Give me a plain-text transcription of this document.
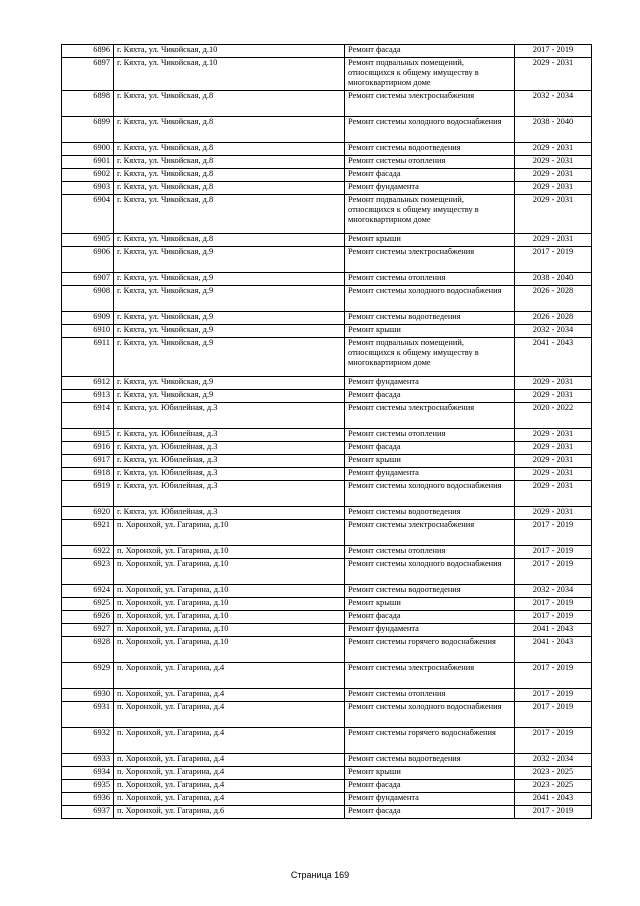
6896	г. Кяхта, ул. Чикойская, д.10	Ремонт фасада	2017 - 2019
6897	г. Кяхта, ул. Чикойская, д.10	Ремонт подвальных помещений, относящихся к общему имуществу в многоквартирном доме	2029 - 2031
6898	г. Кяхта, ул. Чикойская, д.8	Ремонт системы электроснабжения	2032 - 2034
6899	г. Кяхта, ул. Чикойская, д.8	Ремонт системы холодного водоснабжения	2038 - 2040
6900	г. Кяхта, ул. Чикойская, д.8	Ремонт системы водоотведения	2029 - 2031
6901	г. Кяхта, ул. Чикойская, д.8	Ремонт системы отопления	2029 - 2031
6902	г. Кяхта, ул. Чикойская, д.8	Ремонт фасада	2029 - 2031
6903	г. Кяхта, ул. Чикойская, д.8	Ремонт фундамента	2029 - 2031
6904	г. Кяхта, ул. Чикойская, д.8	Ремонт подвальных помещений, относящихся к общему имуществу в многоквартирном доме	2029 - 2031
6905	г. Кяхта, ул. Чикойская, д.8	Ремонт крыши	2029 - 2031
6906	г. Кяхта, ул. Чикойская, д.9	Ремонт системы электроснабжения	2017 - 2019
6907	г. Кяхта, ул. Чикойская, д.9	Ремонт системы отопления	2038 - 2040
6908	г. Кяхта, ул. Чикойская, д.9	Ремонт системы холодного водоснабжения	2026 - 2028
6909	г. Кяхта, ул. Чикойская, д.9	Ремонт системы водоотведения	2026 - 2028
6910	г. Кяхта, ул. Чикойская, д.9	Ремонт крыши	2032 - 2034
6911	г. Кяхта, ул. Чикойская, д.9	Ремонт подвальных помещений, относящихся к общему имуществу в многоквартирном доме	2041 - 2043
6912	г. Кяхта, ул. Чикойская, д.9	Ремонт фундамента	2029 - 2031
6913	г. Кяхта, ул. Чикойская, д.9	Ремонт фасада	2029 - 2031
6914	г. Кяхта, ул. Юбилейная, д.3	Ремонт системы электроснабжения	2020 - 2022
6915	г. Кяхта, ул. Юбилейная, д.3	Ремонт системы отопления	2029 - 2031
6916	г. Кяхта, ул. Юбилейная, д.3	Ремонт фасада	2029 - 2031
6917	г. Кяхта, ул. Юбилейная, д.3	Ремонт крыши	2029 - 2031
6918	г. Кяхта, ул. Юбилейная, д.3	Ремонт фундамента	2029 - 2031
6919	г. Кяхта, ул. Юбилейная, д.3	Ремонт системы холодного водоснабжения	2029 - 2031
6920	г. Кяхта, ул. Юбилейная, д.3	Ремонт системы водоотведения	2029 - 2031
6921	п. Хоронхой, ул. Гагарина, д.10	Ремонт системы электроснабжения	2017 - 2019
6922	п. Хоронхой, ул. Гагарина, д.10	Ремонт системы отопления	2017 - 2019
6923	п. Хоронхой, ул. Гагарина, д.10	Ремонт системы холодного водоснабжения	2017 - 2019
6924	п. Хоронхой, ул. Гагарина, д.10	Ремонт системы водоотведения	2032 - 2034
6925	п. Хоронхой, ул. Гагарина, д.10	Ремонт крыши	2017 - 2019
6926	п. Хоронхой, ул. Гагарина, д.10	Ремонт фасада	2017 - 2019
6927	п. Хоронхой, ул. Гагарина, д.10	Ремонт фундамента	2041 - 2043
6928	п. Хоронхой, ул. Гагарина, д.10	Ремонт системы горячего водоснабжения	2041 - 2043
6929	п. Хоронхой, ул. Гагарина, д.4	Ремонт системы электроснабжения	2017 - 2019
6930	п. Хоронхой, ул. Гагарина, д.4	Ремонт системы отопления	2017 - 2019
6931	п. Хоронхой, ул. Гагарина, д.4	Ремонт системы холодного водоснабжения	2017 - 2019
6932	п. Хоронхой, ул. Гагарина, д.4	Ремонт системы горячего водоснабжения	2017 - 2019
6933	п. Хоронхой, ул. Гагарина, д.4	Ремонт системы водоотведения	2032 - 2034
6934	п. Хоронхой, ул. Гагарина, д.4	Ремонт крыши	2023 - 2025
6935	п. Хоронхой, ул. Гагарина, д.4	Ремонт фасада	2023 - 2025
6936	п. Хоронхой, ул. Гагарина, д.4	Ремонт фундамента	2041 - 2043
6937	п. Хоронхой, ул. Гагарина, д.6	Ремонт фасада	2017 - 2019
Страница 169
